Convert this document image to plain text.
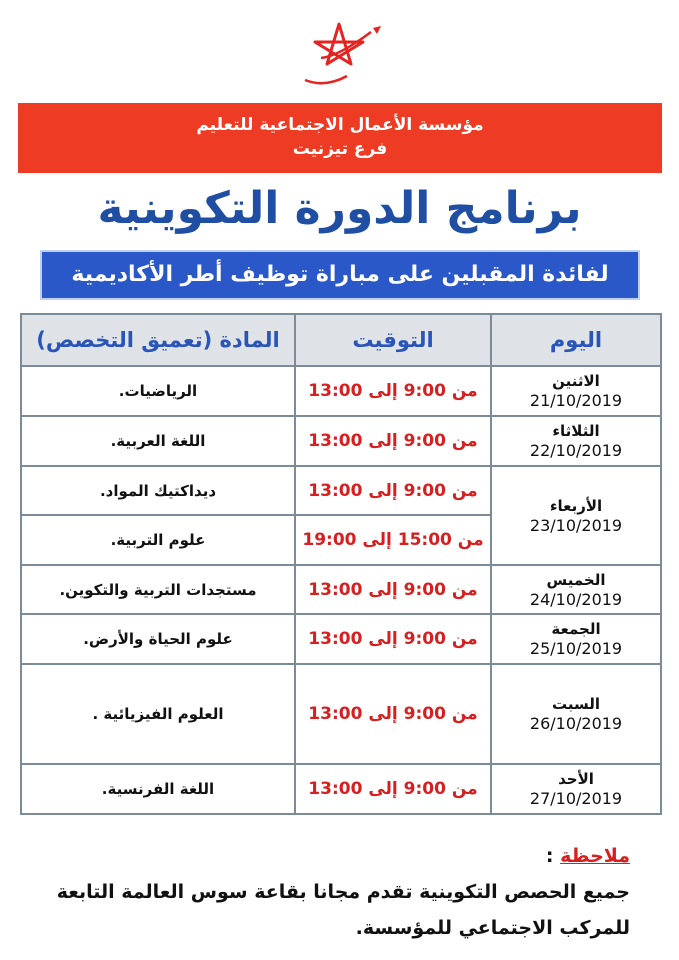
مؤسسة الأعمال الاجتماعية للتعليم
فرع تيزنيت
برنامج الدورة التكوينية
لفائدة المقبلين على مباراة توظيف أطر الأكاديمية
اليوم	التوقيت	المادة (تعميق التخصص)

الاثنين
21/10/2019	من 9:00 إلى 13:00	الرياضيات.

الثلاثاء
22/10/2019	من 9:00 إلى 13:00	اللغة العربية.

الأربعاء
23/10/2019	من 9:00 إلى 13:00	ديداكتيك المواد.
	من 15:00 إلى 19:00	علوم التربية.

الخميس
24/10/2019	من 9:00 إلى 13:00	مستجدات التربية والتكوين.

الجمعة
25/10/2019	من 9:00 إلى 13:00	علوم الحياة والأرض.

السبت
26/10/2019	من 9:00 إلى 13:00	العلوم الفيزيائية .

الأحد
27/10/2019	من 9:00 إلى 13:00	اللغة الفرنسية.
ملاحظة :
جميع الحصص التكوينية تقدم مجانا بقاعة سوس العالمة التابعة
للمركب الاجتماعي للمؤسسة.
